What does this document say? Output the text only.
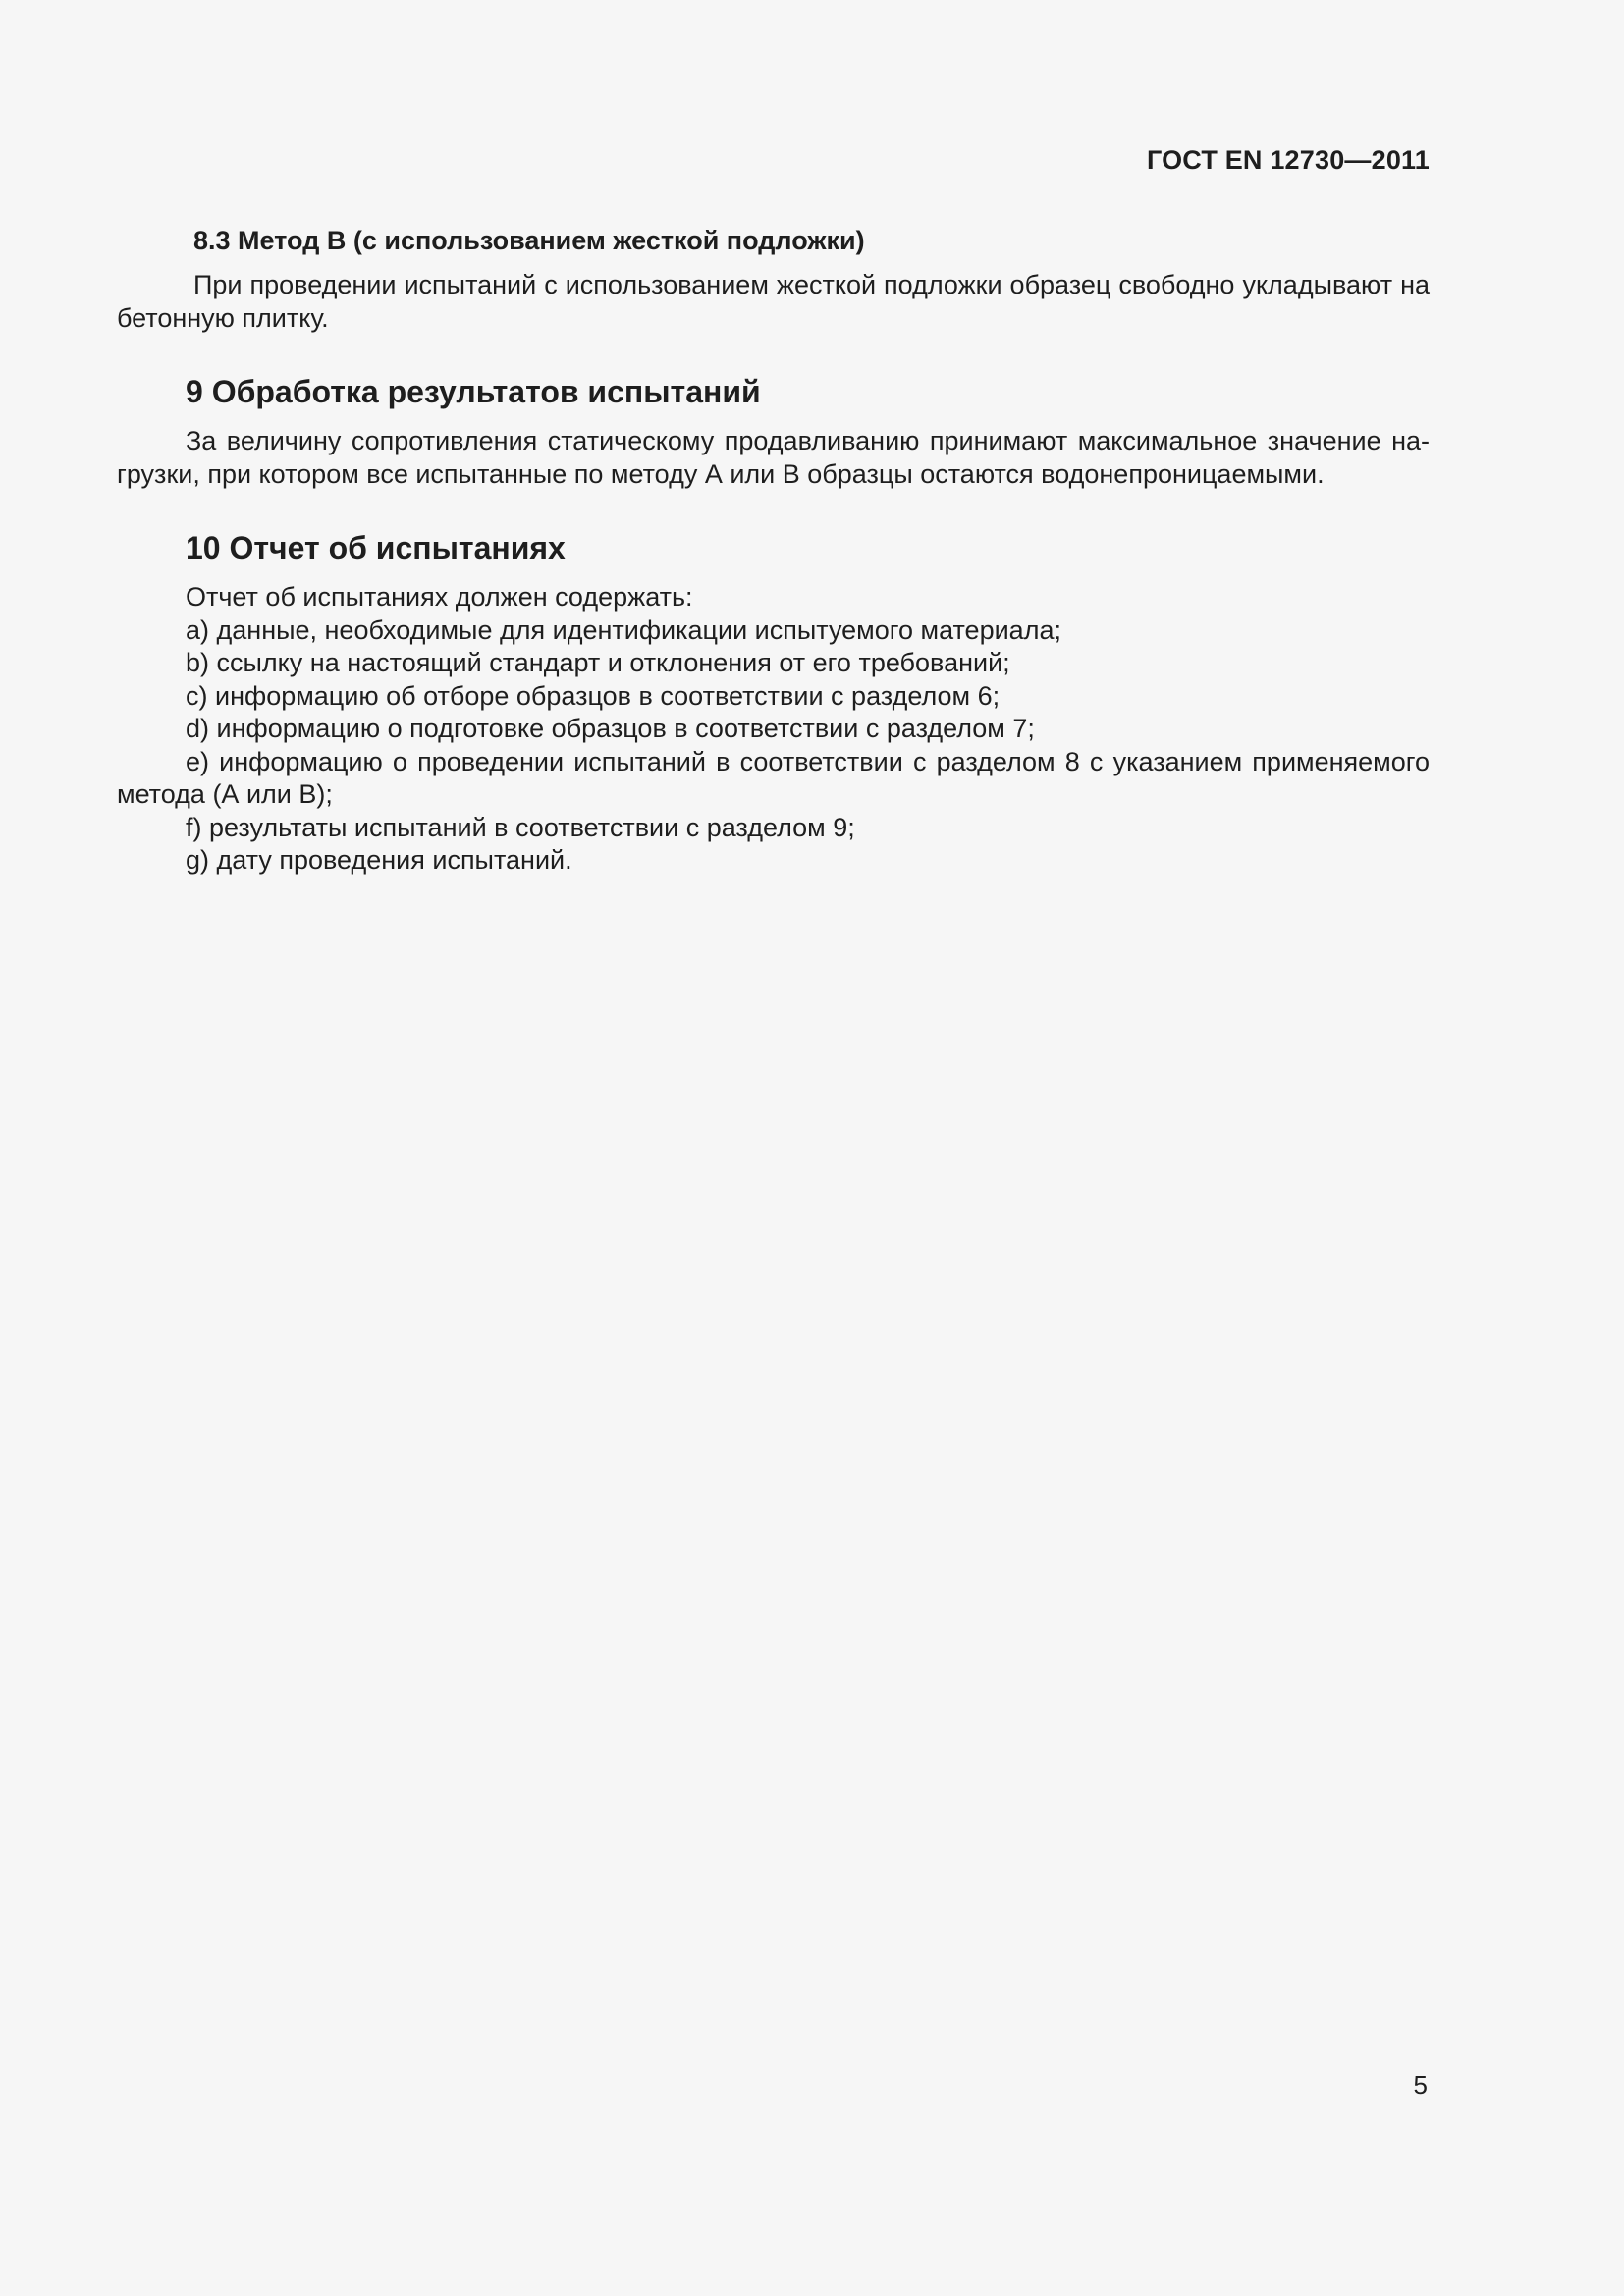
ГОСТ EN 12730—2011
8.3 Метод В (с использованием жесткой подложки)

При проведении испытаний с использованием жесткой подложки образец свободно укладывают на бетонную плитку.

9 Обработка результатов испытаний

За величину сопротивления статическому продавливанию принимают максимальное значение нагрузки, при котором все испытанные по методу А или В образцы остаются водонепроницаемыми.

10 Отчет об испытаниях

Отчет об испытаниях должен содержать:

a) данные, необходимые для идентификации испытуемого материала;
b) ссылку на настоящий стандарт и отклонения от его требований;
c) информацию об отборе образцов в соответствии с разделом 6;
d) информацию о подготовке образцов в соответствии с разделом 7;
e) информацию о проведении испытаний в соответствии с разделом 8 с указанием применяемого метода (А или В);
f) результаты испытаний в соответствии с разделом 9;
g) дату проведения испытаний.
5
